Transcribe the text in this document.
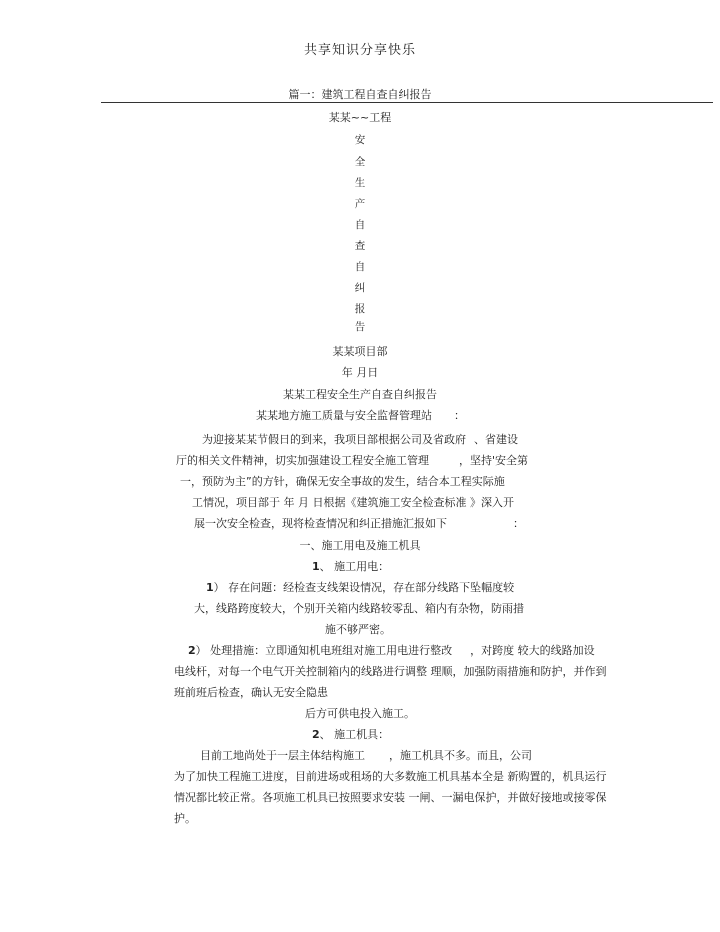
共享知识分享快乐
篇一：建筑工程自查自纠报告
某某~~工程
安
全
生
产
自
查
自
纠
报
告
某某项目部
年 月日
某某工程安全生产自查自纠报告
某某地方施工质量与安全监督管理站 ：
为迎接某某节假日的到来，我项目部根据公司及省政府 、省建设
厅的相关文件精神，切实加强建设工程安全施工管理	，坚持'安全第
一，预防为主”的方针，确保无安全事故的发生，结合本工程实际施
工情况，项目部于 年 月 日根据《建筑施工安全检查标准 》深入开
展一次安全检查，现将检查情况和纠正措施汇报如下	：
一、施工用电及施工机具
1、 施工用电：
1） 存在问题：经检查支线架设情况，存在部分线路下坠幅度较
大，线路跨度较大，个别开关箱内线路较零乱、箱内有杂物，防雨措
施不够严密。
2） 处理措施：立即通知机电班组对施工用电进行整改 ，对跨度 较大的线路加设
电线杆，对每一个电气开关控制箱内的线路进行调整 理顺，加强防雨措施和防护，并作到
班前班后检查，确认无安全隐患
后方可供电投入施工。
2、 施工机具：
目前工地尚处于一层主体结构施工 ，施工机具不多。而且，公司
为了加快工程施工进度，目前进场或租场的大多数施工机具基本全是 新购置的，机具运行
情况都比较正常。各项施工机具已按照要求安装 一闸、一漏电保护，并做好接地或接零保
护。
